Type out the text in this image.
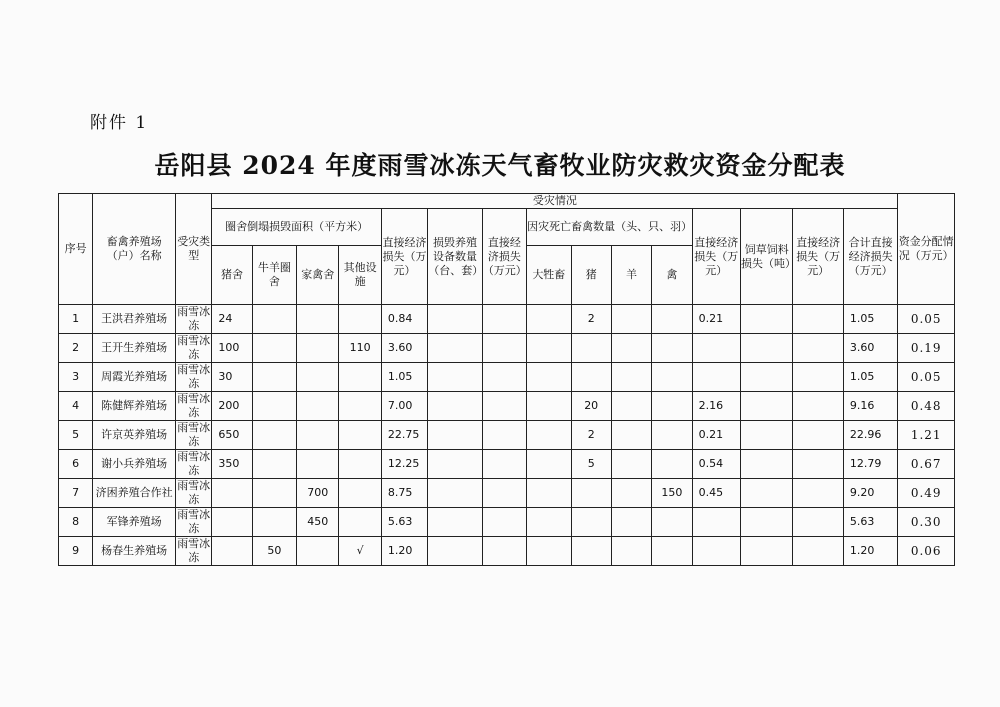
附件 1
岳阳县 2024 年度雨雪冰冻天气畜牧业防灾救灾资金分配表
序号	畜禽养殖场（户）名称	受灾类型	受灾情况															资金分配情况（万元）
			圈舍倒塌损毁面积（平方米）				直接经济损失（万元）	损毁养殖设备数量（台、套）	直接经济损失（万元）	因灾死亡畜禽数量（头、只、羽）				直接经济损失（万元）	饲草饲料损失（吨）	直接经济损失（万元）	合计直接经济损失（万元）	
			猪舍	牛羊圈舍	家禽舍	其他设施				大牲畜	猪	羊	禽					
1	王洪君养殖场	雨雪冰冻	24				0.84				2			0.21			1.05	0.05
2	王开生养殖场	雨雪冰冻	100			110	3.60										3.60	0.19
3	周霞光养殖场	雨雪冰冻	30				1.05										1.05	0.05
4	陈健辉养殖场	雨雪冰冻	200				7.00				20			2.16			9.16	0.48
5	许京英养殖场	雨雪冰冻	650				22.75				2			0.21			22.96	1.21
6	谢小兵养殖场	雨雪冰冻	350				12.25				5			0.54			12.79	0.67
7	济困养殖合作社	雨雪冰冻			700		8.75						150	0.45			9.20	0.49
8	军锋养殖场	雨雪冰冻			450		5.63										5.63	0.30
9	杨春生养殖场	雨雪冰冻		50		√	1.20										1.20	0.06
